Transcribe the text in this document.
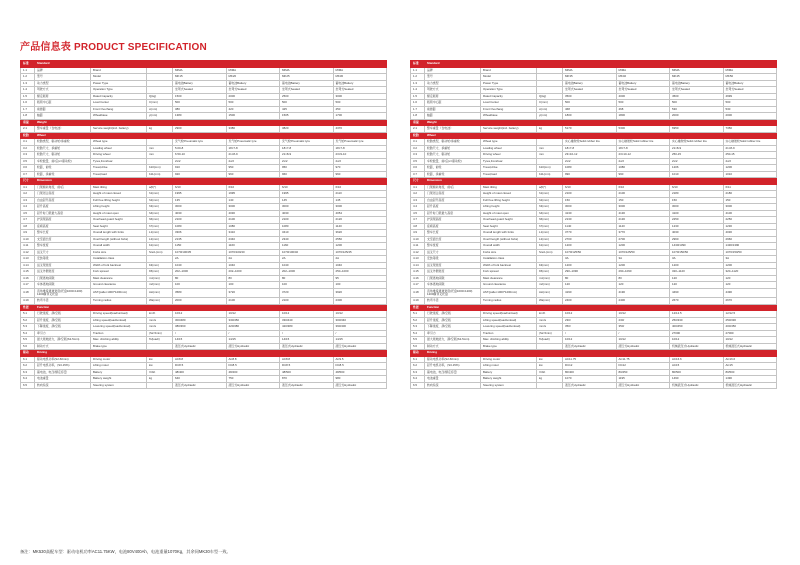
产品信息表 PRODUCT SPECIFICATION
标准	Standard						
1.1	品牌	Brand		MIMA	MIMA	MIMA	MIMA
1.2	型号	Model		MK15	MK20	MK25	MK30
1.3	动力类型	Power Type		蓄电池Battery	蓄电池Battery	蓄电池Battery	蓄电池Battery
1.4	驾驶方式	Operation Type		坐驾式Seated	坐驾式Seated	坐驾式Seated	坐驾式Seated
1.5	额定载荷	Rated Capacity	Q(kg)	1500	2000	2500	3000
1.6	载荷中心距	Load Center	C(mm)	500	500	500	500
1.7	前悬距	Front Overhang	x(mm)	380	420	425	450
1.8	轴距	Wheelbase	y(mm)	1380	1500	1505	1700
重量	Weight						
2.1	整车重量（含电池）	Service weight(incl. battery)	kg	2900	3380	3820	4370
轮胎	Wheel						
3.1	轮胎类型，驱动轮/承重轮	Wheel type		充气轮Pneumatic tyre	充气轮Pneumatic tyre	充气轮Pneumatic tyre	充气轮Pneumatic tyre
3.2	轮胎尺寸，承重轮	Loading wheel	mm	5.00-8	18×7-8	18×7-8	18×7-8
3.3	轮胎尺寸，驱动轮	Driving wheel	mm	6.50-10	21×8-9	21×8-9	23×9-10
3.5	车轮数量，前/后(x=驱动轮)	Tyres,front/rear		2x/2	2x/2	2x/2	2x/2
3.6	轮距，前轮	Tread,drive	b10(mm)	910	950	950	970
3.7	轮距，承重轮	Tread,load	b11(mm)	920	960	960	960
尺寸	Dimension						
4.1	门架倾斜角度，前/后	Mast tilting	a/β(°)	6/10	6/10	6/10	6/10
4.2	门架闭合高度	Height of mast closed	h1(mm)	1995	1995	1995	2110
4.3	自由起升高度	Full free lifting height	h2(mm)	135	140	145	145
4.4	起升高度	Lifting height	h3(mm)	3000	3000	3000	3000
4.5	起升时门架最大高度	Height of mast open	h4(mm)	4030	4030	4030	4054
4.7	护顶架高度	Overhead guard height	h6(mm)	2100	2100	2100	2120
4.8	座椅高度	Seat height	h7(mm)	1080	1080	1080	1140
4.9	整车长度	Overall length with forks	L1(mm)	3306	3410	3410	3620
4.10	支至面长度	Overll length (without forks)	L2(mm)	2135	2340	2340	2550
4.11	整车宽度	Overall width	b1(mm)	1150	1160	1160	1200
4.12	货叉尺寸	Forks size	S/e/L(mm)	1070/100/35	1070/100/40	1070/100/40	1070/125/45
4.13	安装等级	Installation class		2A	2A	2A	2A
4.14	货叉架宽度	Width of fork backrest	b3(mm)	1040	1040	1040	1040
4.15	货叉外侧宽度	Fork spread	b5(mm)	202~1000	202~1000	202~1000	250~1000
4.16	门架离地间隙	Mast clearance	m1(mm)	80	80	80	95
4.17	车体离地间隙	Ground clearance	m2(mm)	100	100	100	100
4.18	直角堆垛通道宽度(托盘1000×1200) 1200横穿叉托盘	AST(pallet 1000*1200mm)	Ast(mm)	3580	3720	3720	3920
4.19	转弯半径	Turning radius	Wa(mm)	2000	2100	2100	2300
性能	Function						
5.1	行驶速度，满/空载	Driving speed(load/unload)	km/h	10/12	10/12	10/12	10/12
5.2	起升速度，满/空载	Lifting speed(load/unload)	mm/s	300/480	330/450	330/440	300/340
5.3	下降速度，满/空载	Lowering speed(load/unload)	mm/s	380/360	420/380	420/380	390/400
5.4	牵引力	Traction	(S2-5min)	/	/	/	/
5.5	最大爬坡能力，满/空载(S2-5min)	Max. climbing ability	%(load/)	14/15	14/15	14/15	14/15
5.6	制动方式	Brake type		液压式Hydraulic	液压式Hydraulic	液压式Hydraulic	液压式Hydraulic
驱动	Driving						
6.1	驱动电机功率(S2-60min)	Driving motor	kw	AC8.8	AC8.8	AC8.8	AC9.5
6.2	起升电机功率，(S3-15%)	Lifting motor	kw	DC8.5	DC8.5	DC8.5	DC8.5
6.3	蓄电池，电压/额定容量	Battery	V/Ah	48/400	48/400	48/500	48/500
6.4	电池重量	Battery weight	kg	640	750	870	980
6.5	转向系统	Steering system		液压式Hydraulic	液压式Hydraulic	液压式Hydraulic	液压式Hydraulic
标准	Standard						
1.1	品牌	Brand		MIMA	MIMA	MIMA	MIMA
1.2	型号	Model		MK35	MK40	MK45	MK50
1.3	动力类型	Power Type		蓄电池Battery	蓄电池Battery	蓄电池Battery	蓄电池Battery
1.4	驾驶方式	Operation Type		坐驾式Seated	坐驾式Seated	坐驾式Seated	坐驾式Seated
1.5	额定载荷	Rated Capacity	Q(kg)	3500	4000	4500	4999
1.6	载荷中心距	Load Center	C(mm)	500	500	500	500
1.7	前悬距	Front Overhang	x(mm)	468	468	530	530
1.8	轴距	Wheelbase	y(mm)	1800	1800	2000	2000
重量	Weight						
2.1	整车重量（含电池）	Service weight(incl. battery)	kg	5170	5300	6950	7350
轮胎	Wheel						
3.1	轮胎类型，驱动轮/承重轮	Wheel type		实心橡胶轮Solid rubber tire	实心橡胶轮Solid rubber tire	实心橡胶轮Solid rubber tire	实心橡胶轮Solid rubber tire
3.2	轮胎尺寸，承重轮	Loading wheel	mm	18×7-8	18×7-8	21×8-9	21×8-9
3.3	轮胎尺寸，驱动轮	Driving wheel	mm	23×10-12	23×10-12	250-15	250-15
3.5	车轮数量，前/后(x=驱动轮)	Tyres,front/rear		2x/2	2x/2	2x/2	2x/2
3.6	轮距，前轮	Tread,drive	b10(mm)	1080	1080	1206	1206
3.7	轮距，承重轮	Tread,load	b11(mm)	990	990	1010	1010
尺寸	Dimension						
4.1	门架倾斜角度，前/后	Mast tilting	a/β(°)	6/10	6/10	6/10	6/11
4.2	门架闭合高度	Height of mast closed	h1(mm)	2100	2100	2180	2180
4.3	自由起升高度	Full free lifting height	h2(mm)	150	150	150	150
4.4	起升高度	Lifting height	h3(mm)	3000	3000	3000	3000
4.5	起升时门架最大高度	Height of mast open	h4(mm)	4130	4130	4100	4100
4.7	护顶架高度	Overhead guard height	h6(mm)	2130	2130	2250	2250
4.8	座椅高度	Seat height	h7(mm)	1140	1140	1230	1230
4.9	整车长度	Overall length with forks	L1(mm)	3770	3770	4030	4030
4.10	支至面长度	Overll length (without forks)	L2(mm)	2700	2700	2960	2960
4.11	整车宽度	Overall width	b1(mm)	1200	1200	1430/1390	1430/1390
4.12	货叉尺寸	Forks size	S/e/L(mm)	1070/125/50	1070/125/50	1070/150/50	1070/150/50
4.13	安装等级	Installation class		3A	3A	3A	3A
4.14	货叉架宽度	Width of fork backrest	b3(mm)	1200	1200	1200	1200
4.15	货叉外侧宽度	Fork spread	b5(mm)	290~1090	290~1090	320~1120	320~1120
4.16	门架离地间隙	Mast clearance	m1(mm)	80	80	120	120
4.17	车体离地间隙	Ground clearance	m2(mm)	120	120	120	120
4.18	直角堆垛通道宽度(托盘1000×1200) 1200横穿叉托盘	AST(pallet 1000*1200mm)	Ast(mm)	4190	4190	4490	4490
4.19	转弯半径	Turning radius	Wa(mm)	2400	2400	2670	2670
性能	Function						
5.1	行驶速度，满/空载	Driving speed(load/unload)	km/h	10/12	10/12	12/12.5	12/12.5
5.2	起升速度，满/空载	Lifting speed(load/unload)	mm/s	230/	230/	250/330	250/330
5.3	下降速度，满/空载	Lowering speed(load/unload)	mm/s	350/	350/	400/450	400/450
5.4	牵引力	Traction	(S2-5min)	/	/	27000	27000
5.5	最大爬坡能力，满/空载(S2-5min)	Max. climbing ability	%(load/)	10/12	10/12	10/12	10/12
5.6	制动方式	Brake type		液压式Hydraulic	液压式Hydraulic	机械液压式Hydraulic	机械液压式Hydraulic
驱动	Driving						
6.1	驱动电机功率(S2-60min)	Driving motor	kw	AC11.75	AC11.75	AC16.6	AC16.6
6.2	起升电机功率，(S3-15%)	Lifting motor	kw	DC12	DC12	AC15	AC15
6.3	蓄电池，电压/额定容量	Battery	V/Ah	80/400	80/450	80/500	80/500
6.4	电池重量	Battery weight	kg	1070	1195	1490	1490
6.5	转向系统	Steering system		液压式Hydraulic	液压式Hydraulic	机械液压式Hydraulic	机械液压式Hydraulic
备注：MK530高配车型：驱动电机功率AC11.75KW，电池80V400Ah，电池重量1070Kg，其余同MK30车型一致。
